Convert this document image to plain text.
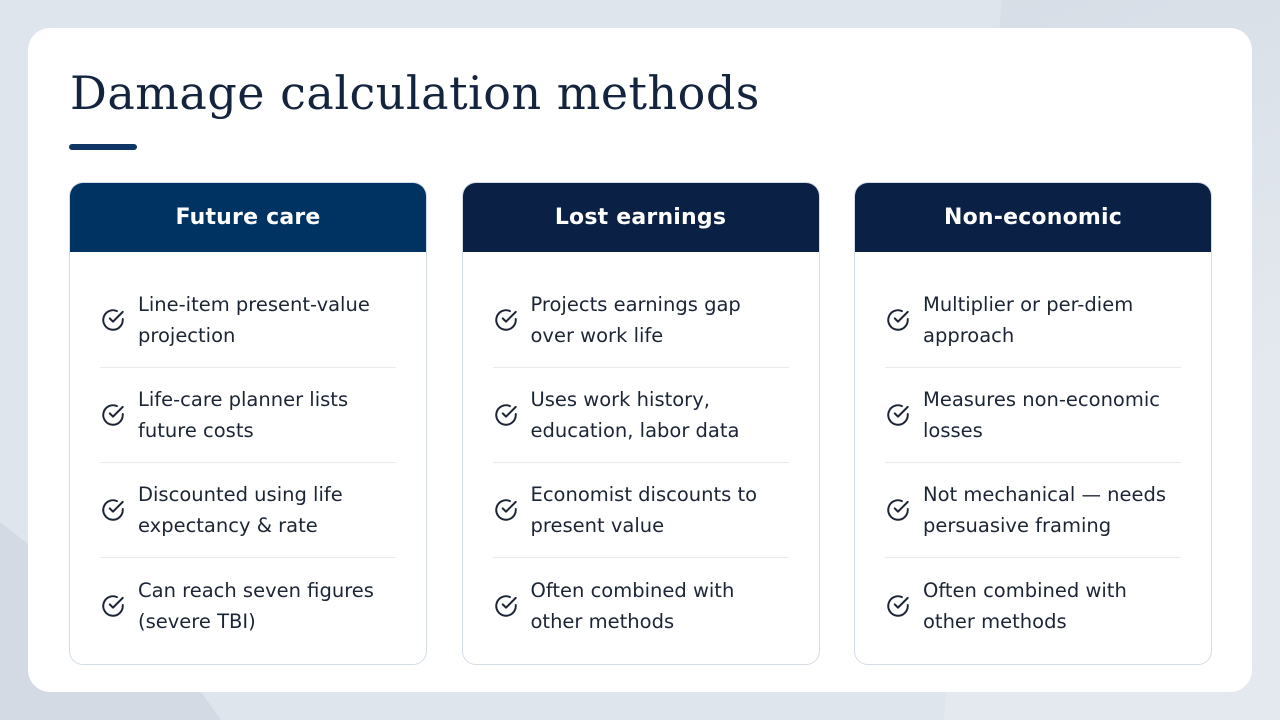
Damage calculation methods
Future care
Line-item present-value projection
Life-care planner lists future costs
Discounted using life expectancy & rate
Can reach seven figures (severe TBI)
Lost earnings
Projects earnings gap over work life
Uses work history, education, labor data
Economist discounts to present value
Often combined with other methods
Non-economic
Multiplier or per-diem approach
Measures non-economic losses
Not mechanical — needs persuasive framing
Often combined with other methods
